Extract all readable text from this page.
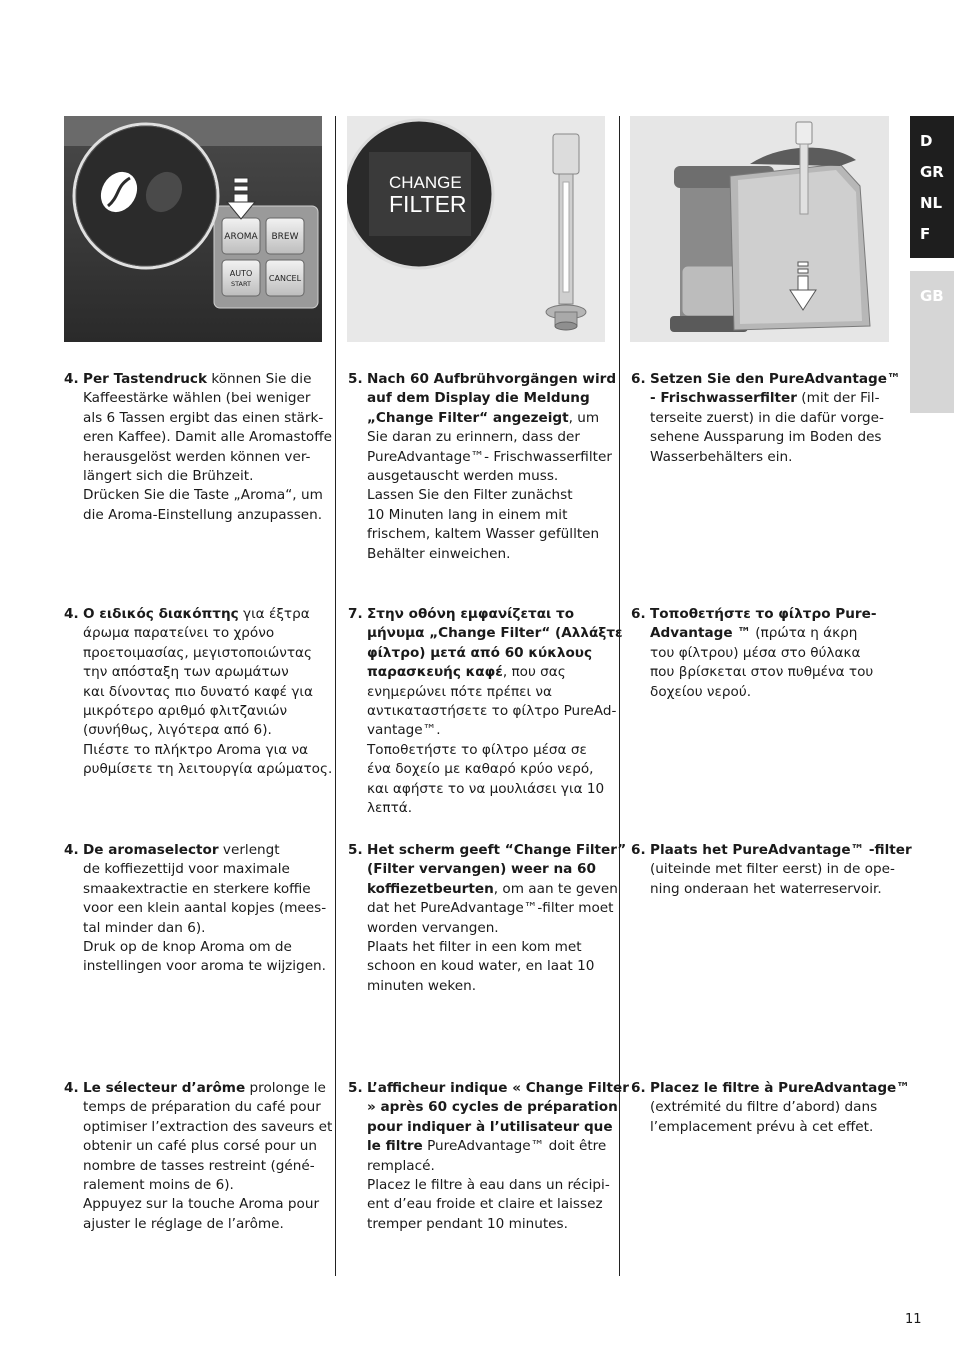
D
GR
NL
F
GB
AROMA BREW
AUTO
START
CANCEL
CHANGE
FILTER
4. Per Tastendruck können Sie die
Kaffeestärke wählen (bei weniger
als 6 Tassen ergibt das einen stärk-
eren Kaffee). Damit alle Aromastoffe
herausgelöst werden können ver-
längert sich die Brühzeit.
Drücken Sie die Taste „Aroma“, um
die Aroma-Einstellung anzupassen.
4. Ο ειδικός διακόπτης για έξτρα
άρωμα παρατείνει το χρόνο
προετοιμασίας, μεγιστοποιώντας
την απόσταξη των αρωμάτων
και δίνοντας πιο δυνατό καφέ για
μικρότερο αριθμό φλιτζανιών
(συνήθως, λιγότερα από 6).
Πιέστε το πλήκτρο Aroma για να
ρυθμίσετε τη λειτουργία αρώματος.
4. De aromaselector verlengt
de koffiezettijd voor maximale
smaakextractie en sterkere koffie
voor een klein aantal kopjes (mees-
tal minder dan 6).
Druk op de knop Aroma om de
instellingen voor aroma te wijzigen.
4. Le sélecteur d’arôme prolonge le
temps de préparation du café pour
optimiser l’extraction des saveurs et
obtenir un café plus corsé pour un
nombre de tasses restreint (géné-
ralement moins de 6).
Appuyez sur la touche Aroma pour
ajuster le réglage de l’arôme.
5. Nach 60 Aufbrühvorgängen wird
auf dem Display die Meldung
„Change Filter“ angezeigt, um
Sie daran zu erinnern, dass der
PureAdvantage™- Frischwasserfilter
ausgetauscht werden muss.
Lassen Sie den Filter zunächst
10 Minuten lang in einem mit
frischem, kaltem Wasser gefüllten
Behälter einweichen.
7. Στην οθόνη εμφανίζεται το
μήνυμα „Change Filter“ (Αλλάξτε
φίλτρο) μετά από 60 κύκλους
παρασκευής καφέ, που σας
ενημερώνει πότε πρέπει να
αντικαταστήσετε το φίλτρο PureAd-
vantage™.
Τοποθετήστε το φίλτρο μέσα σε
ένα δοχείο με καθαρό κρύο νερό,
και αφήστε το να μουλιάσει για 10
λεπτά.
5. Het scherm geeft “Change Filter”
(Filter vervangen) weer na 60
koffiezetbeurten, om aan te geven
dat het PureAdvantage™-filter moet
worden vervangen.
Plaats het filter in een kom met
schoon en koud water, en laat 10
minuten weken.
5. L’afficheur indique « Change Filter
» après 60 cycles de préparation
pour indiquer à l’utilisateur que
le filtre PureAdvantage™ doit être
remplacé.
Placez le filtre à eau dans un récipi-
ent d’eau froide et claire et laissez
tremper pendant 10 minutes.
6. Setzen Sie den PureAdvantage™
- Frischwasserfilter (mit der Fil-
terseite zuerst) in die dafür vorge-
sehene Aussparung im Boden des
Wasserbehälters ein.
6. Τοποθετήστε το φίλτρο Pure-
Advantage ™ (πρώτα η άκρη
του φίλτρου) μέσα στο θύλακα
που βρίσκεται στον πυθμένα του
δοχείου νερού.
6. Plaats het PureAdvantage™ -filter
(uiteinde met filter eerst) in de ope-
ning onderaan het waterreservoir.
6. Placez le filtre à PureAdvantage™
(extrémité du filtre d’abord) dans
l’emplacement prévu à cet effet.
11
